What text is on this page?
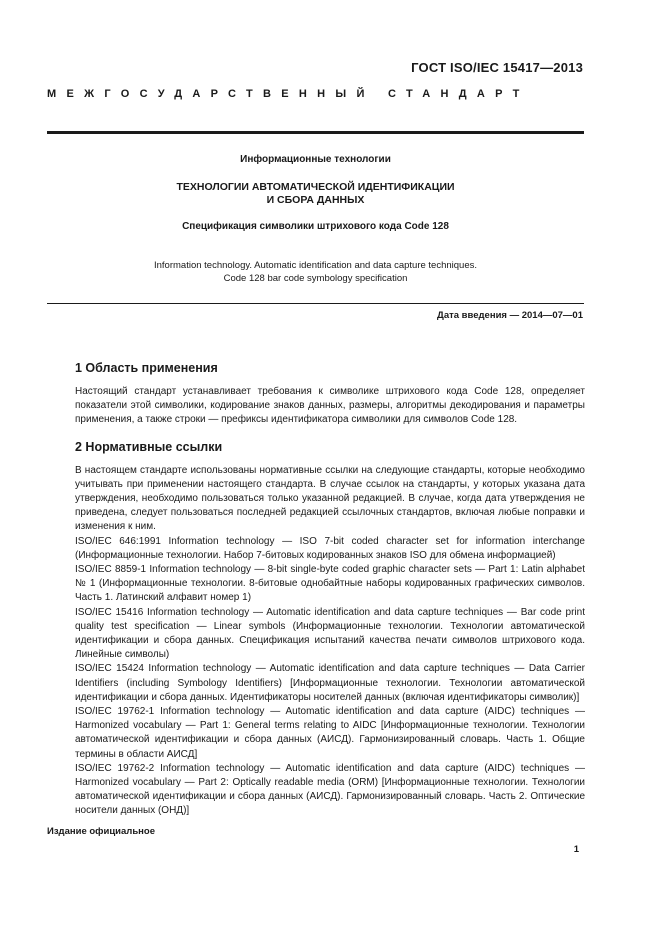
ГОСТ ISO/IEC 15417—2013
МЕЖГОСУДАРСТВЕННЫЙ СТАНДАРТ
Информационные технологии
ТЕХНОЛОГИИ АВТОМАТИЧЕСКОЙ ИДЕНТИФИКАЦИИ
И СБОРА ДАННЫХ
Спецификация символики штрихового кода Code 128
Information technology. Automatic identification and data capture techniques.
Code 128 bar code symbology specification
Дата введения — 2014—07—01
1 Область применения

Настоящий стандарт устанавливает требования к символике штрихового кода Code 128, определяет показатели этой символики, кодирование знаков данных, размеры, алгоритмы декодирования и параметры применения, а также строки — префиксы идентификатора символики для символов Code 128.

2 Нормативные ссылки

В настоящем стандарте использованы нормативные ссылки на следующие стандарты, которые необходимо учитывать при применении настоящего стандарта. В случае ссылок на стандарты, у которых указана дата утверждения, необходимо пользоваться только указанной редакцией. В случае, когда дата утверждения не приведена, следует пользоваться последней редакцией ссылочных стандартов, включая любые поправки и изменения к ним.

ISO/IEC 646:1991 Information technology — ISO 7-bit coded character set for information interchange (Информационные технологии. Набор 7-битовых кодированных знаков ISO для обмена информацией)

ISO/IEC 8859-1 Information technology — 8-bit single-byte coded graphic character sets — Part 1: Latin alphabet № 1 (Информационные технологии. 8-битовые однобайтные наборы кодированных графических символов. Часть 1. Латинский алфавит номер 1)

ISO/IEC 15416 Information technology — Automatic identification and data capture techniques — Bar code print quality test specification — Linear symbols (Информационные технологии. Технологии автоматической идентификации и сбора данных. Спецификация испытаний качества печати символов штрихового кода. Линейные символы)

ISO/IEC 15424 Information technology — Automatic identification and data capture techniques — Data Carrier Identifiers (including Symbology Identifiers) [Информационные технологии. Технологии автоматической идентификации и сбора данных. Идентификаторы носителей данных (включая идентификаторы символик)]

ISO/IEC 19762-1 Information technology — Automatic identification and data capture (AIDC) techniques — Harmonized vocabulary — Part 1: General terms relating to AIDC [Информационные технологии. Технологии автоматической идентификации и сбора данных (АИСД). Гармонизированный словарь. Часть 1. Общие термины в области АИСД]

ISO/IEC 19762-2 Information technology — Automatic identification and data capture (AIDC) techniques — Harmonized vocabulary — Part 2: Optically readable media (ORM) [Информационные технологии. Технологии автоматической идентификации и сбора данных (АИСД). Гармонизированный словарь. Часть 2. Оптические носители данных (ОНД)]

Издание официальное
1
